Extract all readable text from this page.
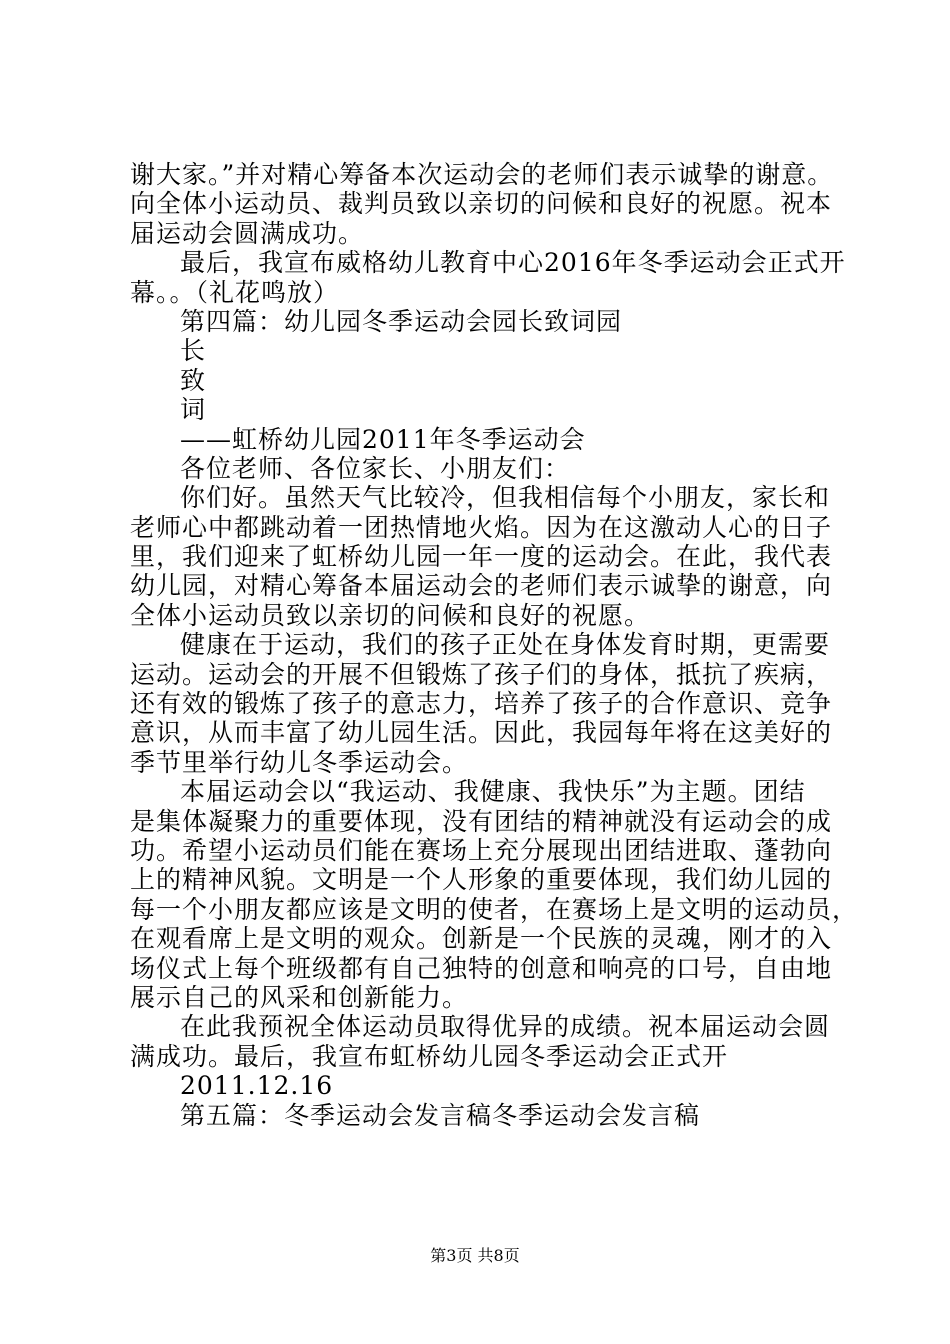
谢大家。”并对精心筹备本次运动会的老师们表示诚挚的谢意。
向全体小运动员、裁判员致以亲切的问候和良好的祝愿。祝本
届运动会圆满成功。
最后，我宣布威格幼儿教育中心2016年冬季运动会正式开
幕。。（礼花鸣放）
第四篇：幼儿园冬季运动会园长致词园
长
致
词
——虹桥幼儿园2011年冬季运动会
各位老师、各位家长、小朋友们：
你们好。虽然天气比较冷，但我相信每个小朋友，家长和
老师心中都跳动着一团热情地火焰。因为在这激动人心的日子
里，我们迎来了虹桥幼儿园一年一度的运动会。在此，我代表
幼儿园，对精心筹备本届运动会的老师们表示诚挚的谢意，向
全体小运动员致以亲切的问候和良好的祝愿。
健康在于运动，我们的孩子正处在身体发育时期，更需要
运动。运动会的开展不但锻炼了孩子们的身体，抵抗了疾病，
还有效的锻炼了孩子的意志力，培养了孩子的合作意识、竞争
意识，从而丰富了幼儿园生活。因此，我园每年将在这美好的
季节里举行幼儿冬季运动会。
本届运动会以“我运动、我健康、我快乐”为主题。团结
是集体凝聚力的重要体现，没有团结的精神就没有运动会的成
功。希望小运动员们能在赛场上充分展现出团结进取、蓬勃向
上的精神风貌。文明是一个人形象的重要体现，我们幼儿园的
每一个小朋友都应该是文明的使者，在赛场上是文明的运动员，
在观看席上是文明的观众。创新是一个民族的灵魂，刚才的入
场仪式上每个班级都有自己独特的创意和响亮的口号，自由地
展示自己的风采和创新能力。
在此我预祝全体运动员取得优异的成绩。祝本届运动会圆
满成功。最后，我宣布虹桥幼儿园冬季运动会正式开
2011.12.16
第五篇：冬季运动会发言稿冬季运动会发言稿
第3页 共8页
